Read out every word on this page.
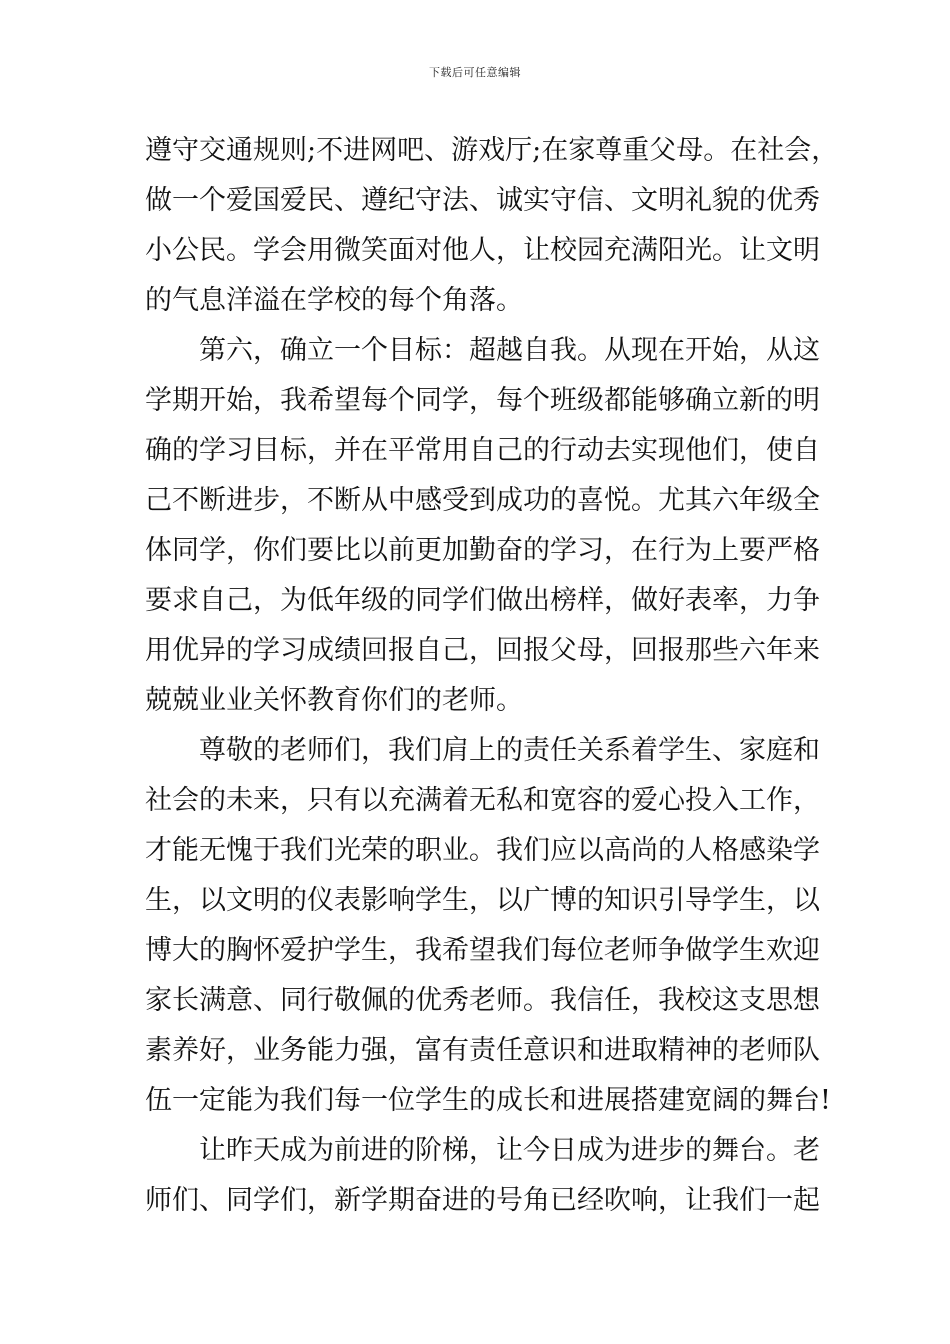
下载后可任意编辑
遵守交通规则;不进网吧、游戏厅;在家尊重父母。在社会，
做一个爱国爱民、遵纪守法、诚实守信、文明礼貌的优秀
小公民。学会用微笑面对他人，让校园充满阳光。让文明
的气息洋溢在学校的每个角落。
第六，确立一个目标：超越自我。从现在开始，从这
学期开始，我希望每个同学，每个班级都能够确立新的明
确的学习目标，并在平常用自己的行动去实现他们，使自
己不断进步，不断从中感受到成功的喜悦。尤其六年级全
体同学，你们要比以前更加勤奋的学习，在行为上要严格
要求自己，为低年级的同学们做出榜样，做好表率，力争
用优异的学习成绩回报自己，回报父母，回报那些六年来
兢兢业业关怀教育你们的老师。
尊敬的老师们，我们肩上的责任关系着学生、家庭和
社会的未来，只有以充满着无私和宽容的爱心投入工作，
才能无愧于我们光荣的职业。我们应以高尚的人格感染学
生，以文明的仪表影响学生，以广博的知识引导学生，以
博大的胸怀爱护学生，我希望我们每位老师争做学生欢迎
家长满意、同行敬佩的优秀老师。我信任，我校这支思想
素养好，业务能力强，富有责任意识和进取精神的老师队
伍一定能为我们每一位学生的成长和进展搭建宽阔的舞台!
让昨天成为前进的阶梯，让今日成为进步的舞台。老
师们、同学们，新学期奋进的号角已经吹响，让我们一起
